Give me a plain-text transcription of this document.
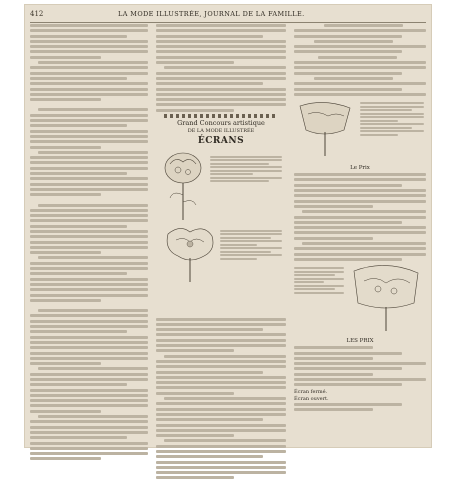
412	LA MODE ILLUSTRÉE, JOURNAL DE LA FAMILLE.
Grand Concours artistique
DE LA MODE ILLUSTRÉE
ÉCRANS
Le Prix
LES PRIX
Écran fermé.
Écran ouvert.
